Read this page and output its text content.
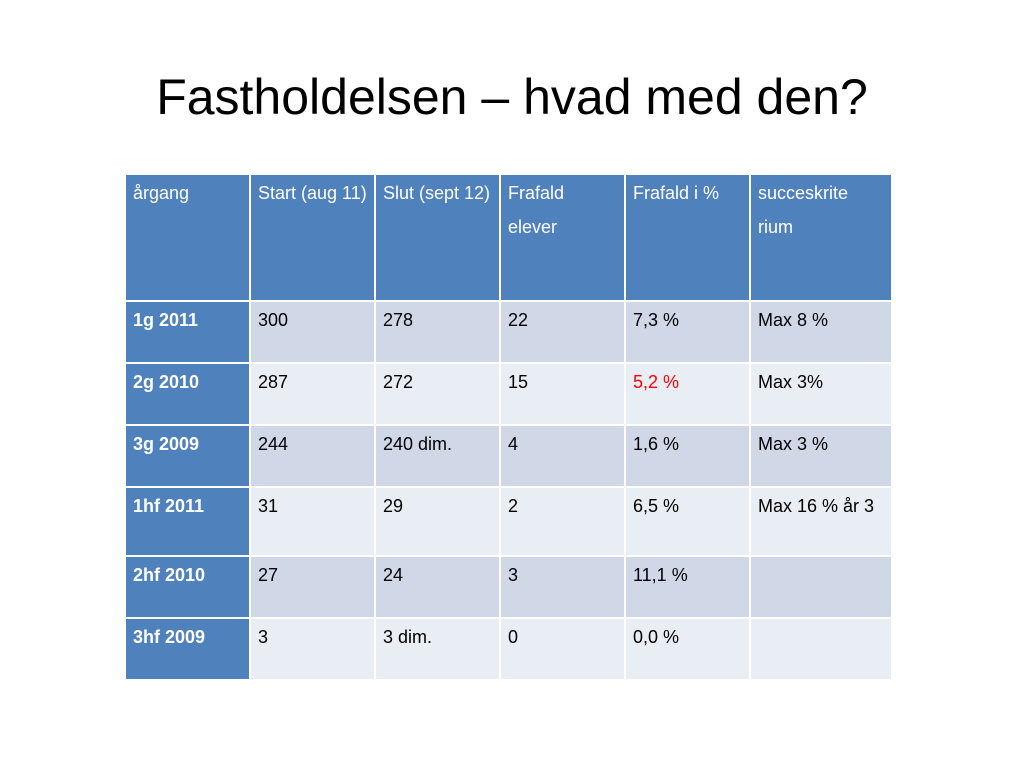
Fastholdelsen – hvad med den?
årgang	Start (aug 11)	Slut (sept 12)	Frafald elever	Frafald i %	succeskrite rium
1g 2011	300	278	22	7,3 %	Max 8 %
2g 2010	287	272	15	5,2 %	Max 3%
3g 2009	244	240 dim.	4	1,6 %	Max 3 %
1hf 2011	31	29	2	6,5 %	Max 16 % år 3
2hf 2010	27	24	3	11,1 %	
3hf 2009	3	3 dim.	0	0,0 %	
